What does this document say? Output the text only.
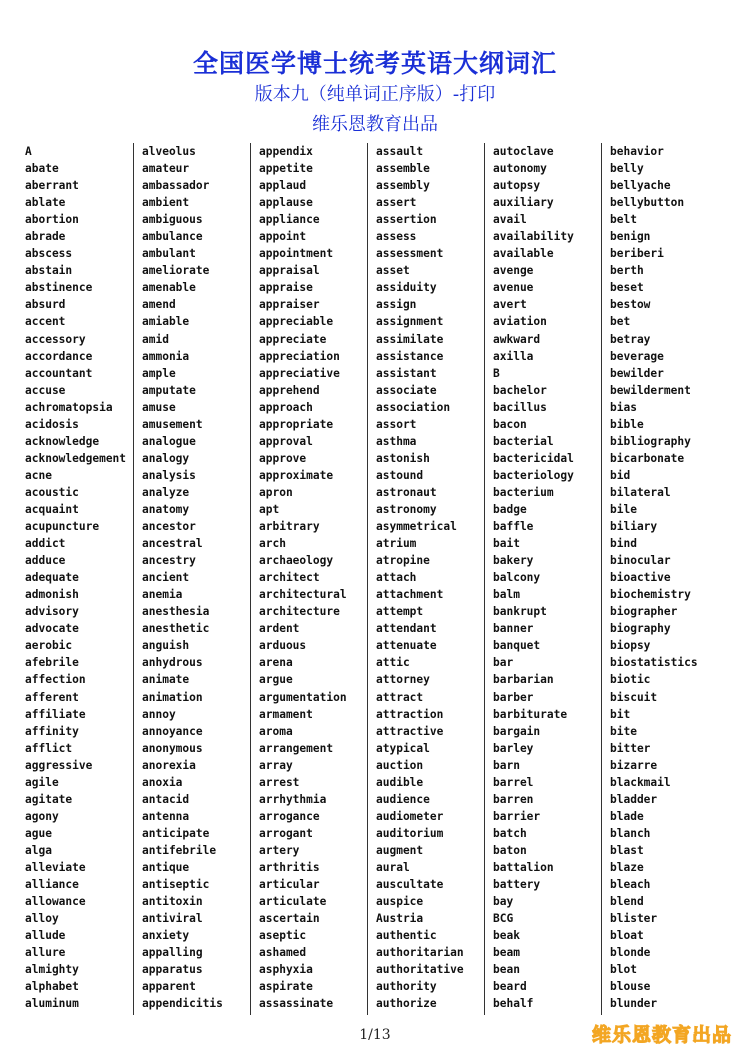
全国医学博士统考英语大纲词汇
版本九（纯单词正序版）-打印
维乐恩教育出品
A
abate
aberrant
ablate
abortion
abrade
abscess
abstain
abstinence
absurd
accent
accessory
accordance
accountant
accuse
achromatopsia
acidosis
acknowledge
acknowledgement
acne
acoustic
acquaint
acupuncture
addict
adduce
adequate
admonish
advisory
advocate
aerobic
afebrile
affection
afferent
affiliate
affinity
afflict
aggressive
agile
agitate
agony
ague
alga
alleviate
alliance
allowance
alloy
allude
allure
almighty
alphabet
aluminum
alveolus
amateur
ambassador
ambient
ambiguous
ambulance
ambulant
ameliorate
amenable
amend
amiable
amid
ammonia
ample
amputate
amuse
amusement
analogue
analogy
analysis
analyze
anatomy
ancestor
ancestral
ancestry
ancient
anemia
anesthesia
anesthetic
anguish
anhydrous
animate
animation
annoy
annoyance
anonymous
anorexia
anoxia
antacid
antenna
anticipate
antifebrile
antique
antiseptic
antitoxin
antiviral
anxiety
appalling
apparatus
apparent
appendicitis
appendix
appetite
applaud
applause
appliance
appoint
appointment
appraisal
appraise
appraiser
appreciable
appreciate
appreciation
appreciative
apprehend
approach
appropriate
approval
approve
approximate
apron
apt
arbitrary
arch
archaeology
architect
architectural
architecture
ardent
arduous
arena
argue
argumentation
armament
aroma
arrangement
array
arrest
arrhythmia
arrogance
arrogant
artery
arthritis
articular
articulate
ascertain
aseptic
ashamed
asphyxia
aspirate
assassinate
assault
assemble
assembly
assert
assertion
assess
assessment
asset
assiduity
assign
assignment
assimilate
assistance
assistant
associate
association
assort
asthma
astonish
astound
astronaut
astronomy
asymmetrical
atrium
atropine
attach
attachment
attempt
attendant
attenuate
attic
attorney
attract
attraction
attractive
atypical
auction
audible
audience
audiometer
auditorium
augment
aural
auscultate
auspice
Austria
authentic
authoritarian
authoritative
authority
authorize
autoclave
autonomy
autopsy
auxiliary
avail
availability
available
avenge
avenue
avert
aviation
awkward
axilla
B
bachelor
bacillus
bacon
bacterial
bactericidal
bacteriology
bacterium
badge
baffle
bait
bakery
balcony
balm
bankrupt
banner
banquet
bar
barbarian
barber
barbiturate
bargain
barley
barn
barrel
barren
barrier
batch
baton
battalion
battery
bay
BCG
beak
beam
bean
beard
behalf
behavior
belly
bellyache
bellybutton
belt
benign
beriberi
berth
beset
bestow
bet
betray
beverage
bewilder
bewilderment
bias
bible
bibliography
bicarbonate
bid
bilateral
bile
biliary
bind
binocular
bioactive
biochemistry
biographer
biography
biopsy
biostatistics
biotic
biscuit
bit
bite
bitter
bizarre
blackmail
bladder
blade
blanch
blast
blaze
bleach
blend
blister
bloat
blonde
blot
blouse
blunder
1/13	维乐恩教育出品
